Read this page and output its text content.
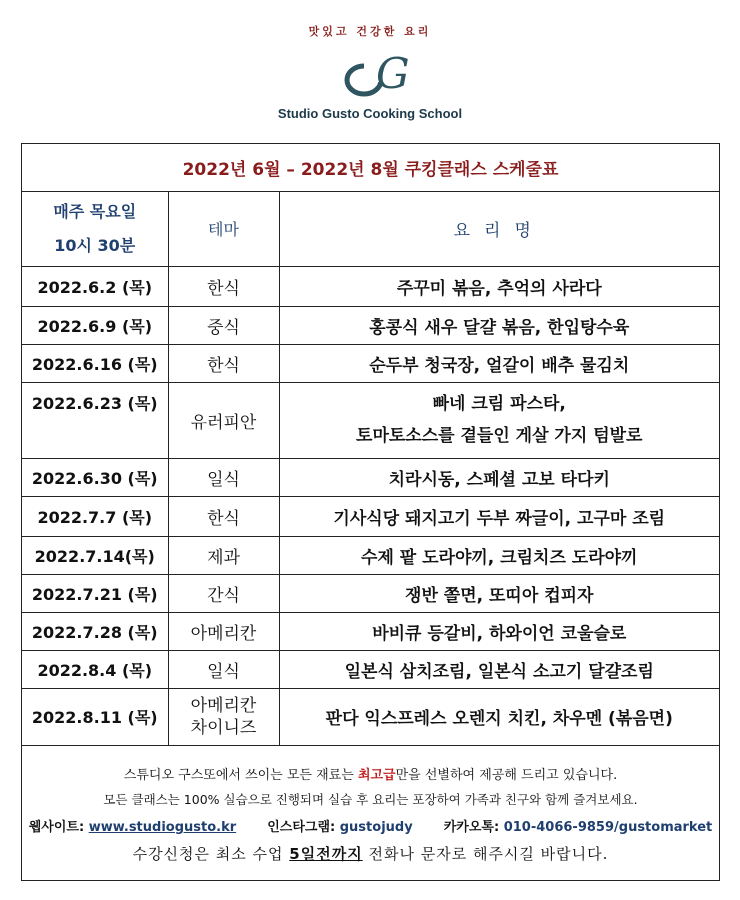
맛있고 건강한 요리
G
Studio Gusto Cooking School
2022년 6월 – 2022년 8월 쿠킹클래스 스케줄표
매주 목요일
10시 30분	테마	요리명
2022.6.2 (목)	한식	주꾸미 볶음, 추억의 사라다
2022.6.9 (목)	중식	홍콩식 새우 달걀 볶음, 한입탕수육
2022.6.16 (목)	한식	순두부 청국장, 얼갈이 배추 물김치
2022.6.23 (목)	유러피안	빠네 크림 파스타,
토마토소스를 곁들인 게살 가지 텀발로

2022.6.30 (목)	일식	치라시동, 스페셜 고보 타다키
2022.7.7 (목)	한식	기사식당 돼지고기 두부 짜글이, 고구마 조림
2022.7.14(목)	제과	수제 팥 도라야끼, 크림치즈 도라야끼
2022.7.21 (목)	간식	쟁반 쫄면, 또띠아 컵피자
2022.7.28 (목)	아메리칸	바비큐 등갈비, 하와이언 코울슬로
2022.8.4 (목)	일식	일본식 삼치조림, 일본식 소고기 달걀조림
2022.8.11 (목)	아메리칸
차이니즈	판다 익스프레스 오렌지 치킨, 차우멘 (볶음면)
스튜디오 구스또에서 쓰이는 모든 재료는 최고급만을 선별하여 제공해 드리고 있습니다.
모든 클래스는 100% 실습으로 진행되며 실습 후 요리는 포장하여 가족과 친구와 함께 즐겨보세요.
웹사이트: www.studiogusto.kr 인스타그램: gustojudy 카카오톡: 010-4066-9859/gustomarket
수강신청은 최소 수업 5일전까지 전화나 문자로 해주시길 바랍니다.
